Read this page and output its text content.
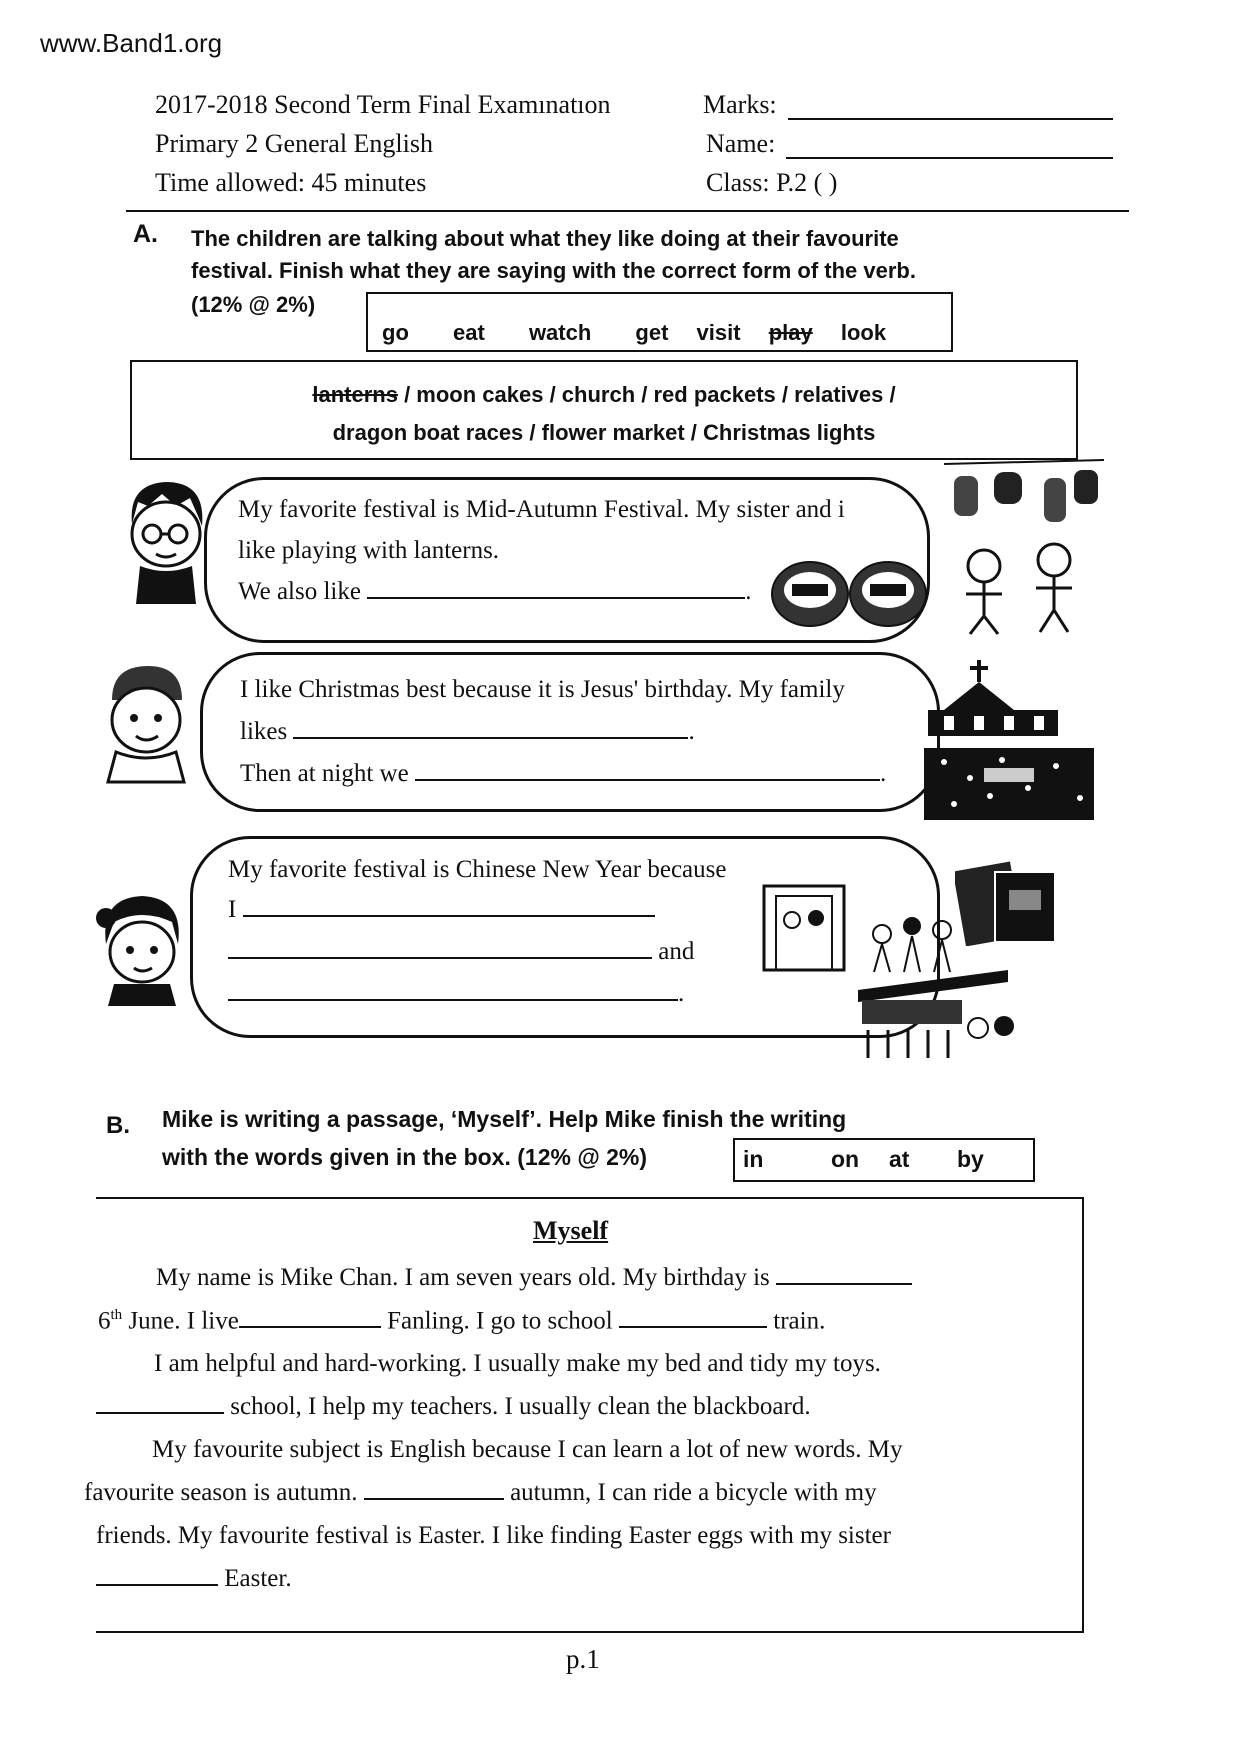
www.Band1.org
2017-2018 Second Term Final Examınatıon
Primary 2 General English
Time allowed: 45 minutes
Marks:
Name:
Class: P.2 ( )
A. The children are talking about what they like doing at their favourite
festival. Finish what they are saying with the correct form of the verb.
(12% @ 2%)
go eat watch get visit play look
lanterns / moon cakes / church / red packets / relatives /
dragon boat races / flower market / Christmas lights
My favorite festival is Mid-Autumn Festival. My sister and i
like playing with lanterns.
We also like	.
I like Christmas best because it is Jesus' birthday. My family
likes	.
Then at night we	.
My favorite festival is Chinese New Year because
I
and
.
B. Mike is writing a passage, ‘Myself’. Help Mike finish the writing
with the words given in the box. (12% @ 2%)	in	on at by
Myself
My name is Mike Chan. I am seven years old. My birthday is
6th June. I live	Fanling. I go to school	train.
I am helpful and hard-working. I usually make my bed and tidy my toys.
school, I help my teachers. I usually clean the blackboard.
My favourite subject is English because I can learn a lot of new words. My
favourite season is autumn.	autumn, I can ride a bicycle with my
friends. My favourite festival is Easter. I like finding Easter eggs with my sister
Easter.
p.1
